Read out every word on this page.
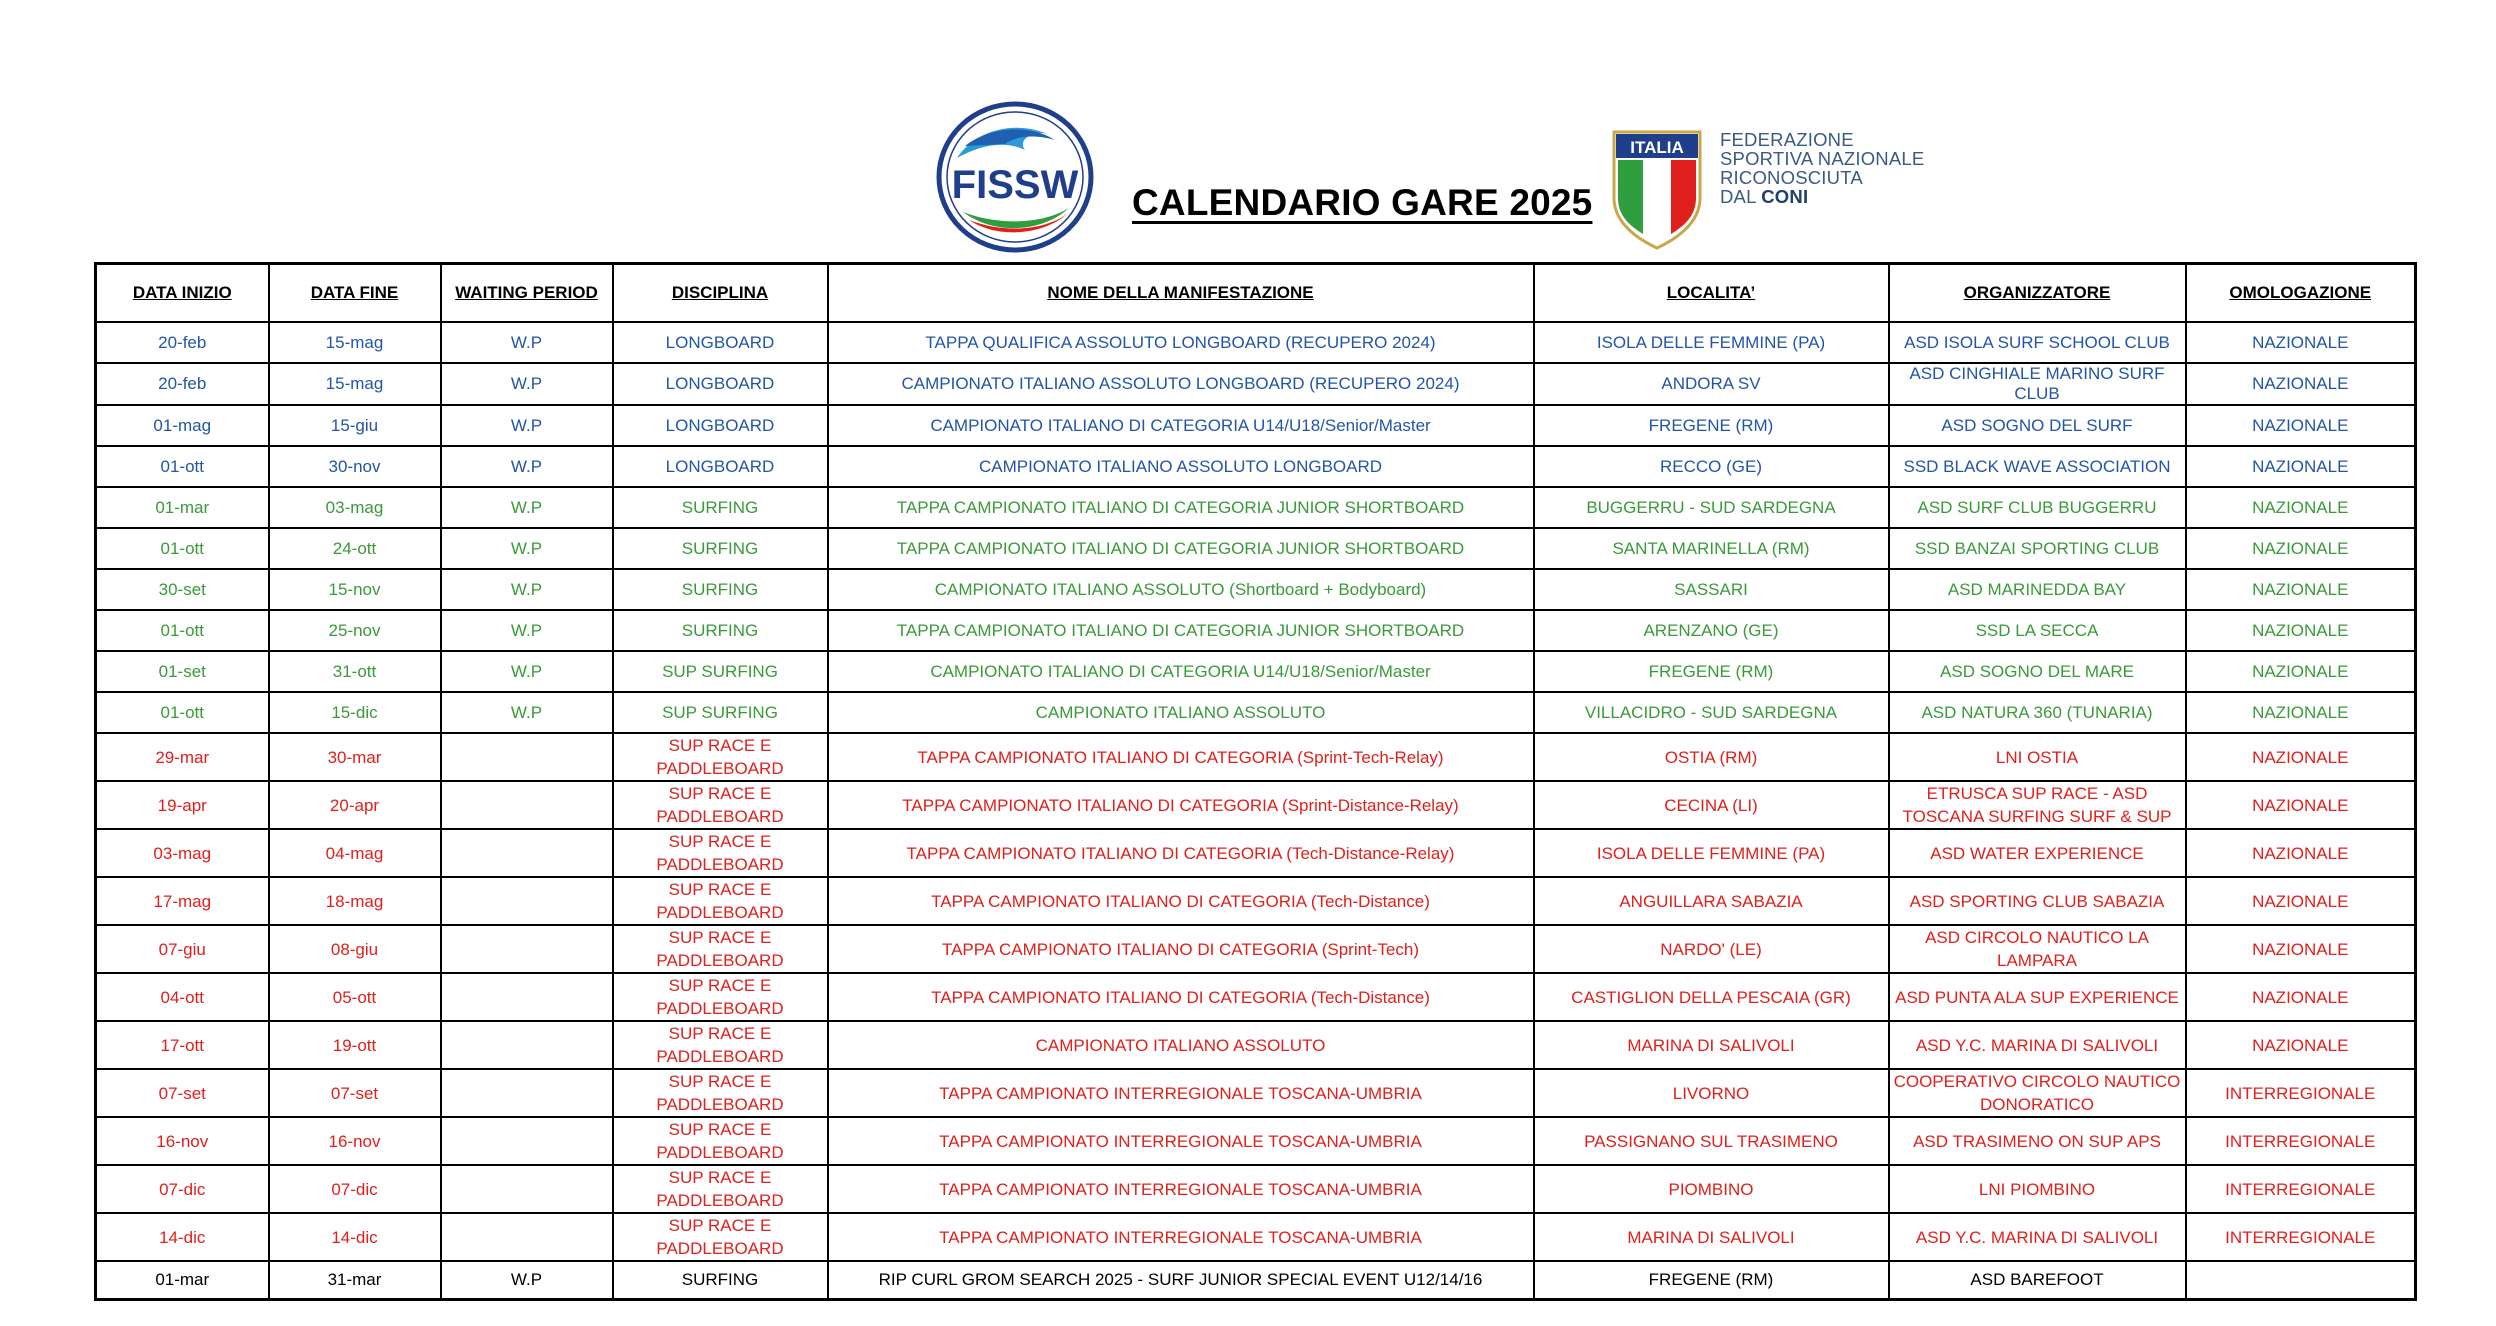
FISSW CALENDARIO GARE 2025
ITALIA FEDERAZIONE
SPORTIVA NAZIONALE
RICONOSCIUTA
DAL CONI
DATA INIZIO	DATA FINE	WAITING PERIOD	DISCIPLINA	NOME DELLA MANIFESTAZIONE	LOCALITA’	ORGANIZZATORE	OMOLOGAZIONE
20-feb	15-mag	W.P	LONGBOARD	TAPPA QUALIFICA ASSOLUTO LONGBOARD (RECUPERO 2024)	ISOLA DELLE FEMMINE (PA)	ASD ISOLA SURF SCHOOL CLUB	NAZIONALE
20-feb	15-mag	W.P	LONGBOARD	CAMPIONATO ITALIANO ASSOLUTO LONGBOARD (RECUPERO 2024)	ANDORA SV	ASD CINGHIALE MARINO SURF CLUB	NAZIONALE
01-mag	15-giu	W.P	LONGBOARD	CAMPIONATO ITALIANO DI CATEGORIA U14/U18/Senior/Master	FREGENE (RM)	ASD SOGNO DEL SURF	NAZIONALE
01-ott	30-nov	W.P	LONGBOARD	CAMPIONATO ITALIANO ASSOLUTO LONGBOARD	RECCO (GE)	SSD BLACK WAVE ASSOCIATION	NAZIONALE
01-mar	03-mag	W.P	SURFING	TAPPA CAMPIONATO ITALIANO DI CATEGORIA JUNIOR SHORTBOARD	BUGGERRU - SUD SARDEGNA	ASD SURF CLUB BUGGERRU	NAZIONALE
01-ott	24-ott	W.P	SURFING	TAPPA CAMPIONATO ITALIANO DI CATEGORIA JUNIOR SHORTBOARD	SANTA MARINELLA (RM)	SSD BANZAI SPORTING CLUB	NAZIONALE
30-set	15-nov	W.P	SURFING	CAMPIONATO ITALIANO ASSOLUTO (Shortboard + Bodyboard)	SASSARI	ASD MARINEDDA BAY	NAZIONALE
01-ott	25-nov	W.P	SURFING	TAPPA CAMPIONATO ITALIANO DI CATEGORIA JUNIOR SHORTBOARD	ARENZANO (GE)	SSD LA SECCA	NAZIONALE
01-set	31-ott	W.P	SUP SURFING	CAMPIONATO ITALIANO DI CATEGORIA U14/U18/Senior/Master	FREGENE (RM)	ASD SOGNO DEL MARE	NAZIONALE
01-ott	15-dic	W.P	SUP SURFING	CAMPIONATO ITALIANO ASSOLUTO	VILLACIDRO - SUD SARDEGNA	ASD NATURA 360 (TUNARIA)	NAZIONALE
29-mar	30-mar		SUP RACE E PADDLEBOARD	TAPPA CAMPIONATO ITALIANO DI CATEGORIA (Sprint-Tech-Relay)	OSTIA (RM)	LNI OSTIA	NAZIONALE
19-apr	20-apr		SUP RACE E PADDLEBOARD	TAPPA CAMPIONATO ITALIANO DI CATEGORIA (Sprint-Distance-Relay)	CECINA (LI)	ETRUSCA SUP RACE - ASD TOSCANA SURFING SURF & SUP	NAZIONALE
03-mag	04-mag		SUP RACE E PADDLEBOARD	TAPPA CAMPIONATO ITALIANO DI CATEGORIA (Tech-Distance-Relay)	ISOLA DELLE FEMMINE (PA)	ASD WATER EXPERIENCE	NAZIONALE
17-mag	18-mag		SUP RACE E PADDLEBOARD	TAPPA CAMPIONATO ITALIANO DI CATEGORIA (Tech-Distance)	ANGUILLARA SABAZIA	ASD SPORTING CLUB SABAZIA	NAZIONALE
07-giu	08-giu		SUP RACE E PADDLEBOARD	TAPPA CAMPIONATO ITALIANO DI CATEGORIA (Sprint-Tech)	NARDO' (LE)	ASD CIRCOLO NAUTICO LA LAMPARA	NAZIONALE
04-ott	05-ott		SUP RACE E PADDLEBOARD	TAPPA CAMPIONATO ITALIANO DI CATEGORIA (Tech-Distance)	CASTIGLION DELLA PESCAIA (GR)	ASD PUNTA ALA SUP EXPERIENCE	NAZIONALE
17-ott	19-ott		SUP RACE E PADDLEBOARD	CAMPIONATO ITALIANO ASSOLUTO	MARINA DI SALIVOLI	ASD Y.C. MARINA DI SALIVOLI	NAZIONALE
07-set	07-set		SUP RACE E PADDLEBOARD	TAPPA CAMPIONATO INTERREGIONALE TOSCANA-UMBRIA	LIVORNO	COOPERATIVO CIRCOLO NAUTICO DONORATICO	INTERREGIONALE
16-nov	16-nov		SUP RACE E PADDLEBOARD	TAPPA CAMPIONATO INTERREGIONALE TOSCANA-UMBRIA	PASSIGNANO SUL TRASIMENO	ASD TRASIMENO ON SUP APS	INTERREGIONALE
07-dic	07-dic		SUP RACE E PADDLEBOARD	TAPPA CAMPIONATO INTERREGIONALE TOSCANA-UMBRIA	PIOMBINO	LNI PIOMBINO	INTERREGIONALE
14-dic	14-dic		SUP RACE E PADDLEBOARD	TAPPA CAMPIONATO INTERREGIONALE TOSCANA-UMBRIA	MARINA DI SALIVOLI	ASD Y.C. MARINA DI SALIVOLI	INTERREGIONALE
01-mar	31-mar	W.P	SURFING	RIP CURL GROM SEARCH 2025 - SURF JUNIOR SPECIAL EVENT U12/14/16	FREGENE (RM)	ASD BAREFOOT	
